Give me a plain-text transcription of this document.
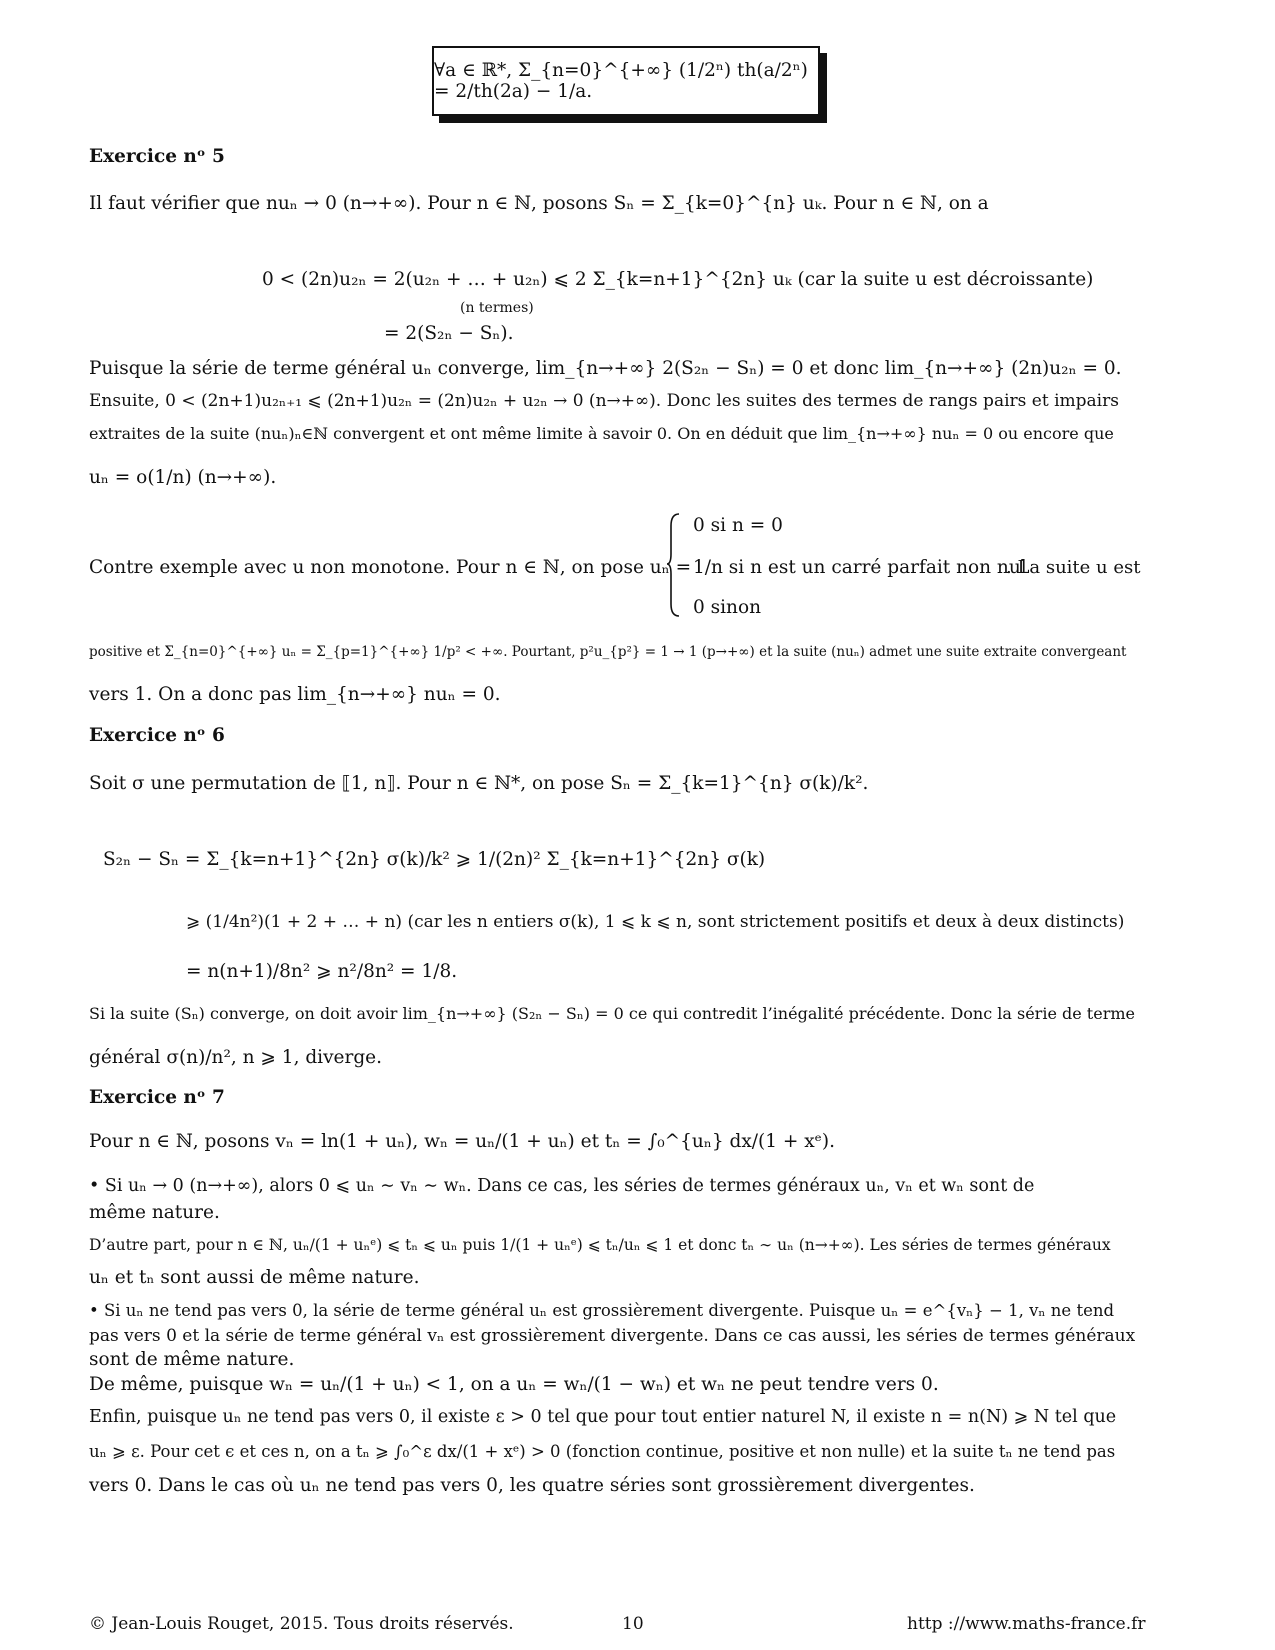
∀a ∈ ℝ*, Σ_{n=0}^{+∞} (1/2ⁿ) th(a/2ⁿ) = 2/th(2a) − 1/a.
Exercice nᵒ 5
Il faut vérifier que nuₙ → 0 (n→+∞). Pour n ∈ ℕ, posons Sₙ = Σ_{k=0}^{n} uₖ. Pour n ∈ ℕ, on a
0 < (2n)u₂ₙ = 2(u₂ₙ + … + u₂ₙ) ⩽ 2 Σ_{k=n+1}^{2n} uₖ (car la suite u est décroissante)
(n termes)
= 2(S₂ₙ − Sₙ).
Puisque la série de terme général uₙ converge, lim_{n→+∞} 2(S₂ₙ − Sₙ) = 0 et donc lim_{n→+∞} (2n)u₂ₙ = 0.
Ensuite, 0 < (2n+1)u₂ₙ₊₁ ⩽ (2n+1)u₂ₙ = (2n)u₂ₙ + u₂ₙ → 0 (n→+∞). Donc les suites des termes de rangs pairs et impairs
extraites de la suite (nuₙ)ₙ∈ℕ convergent et ont même limite à savoir 0. On en déduit que lim_{n→+∞} nuₙ = 0 ou encore que
uₙ = o(1/n) (n→+∞).
Contre exemple avec u non monotone. Pour n ∈ ℕ, on pose uₙ =
0 si n = 0
1/n si n est un carré parfait non nul
0 sinon
. La suite u est
positive et Σ_{n=0}^{+∞} uₙ = Σ_{p=1}^{+∞} 1/p² < +∞. Pourtant, p²u_{p²} = 1 → 1 (p→+∞) et la suite (nuₙ) admet une suite extraite convergeant
vers 1. On a donc pas lim_{n→+∞} nuₙ = 0.
Exercice nᵒ 6
Soit σ une permutation de ⟦1, n⟧. Pour n ∈ ℕ*, on pose Sₙ = Σ_{k=1}^{n} σ(k)/k².
S₂ₙ − Sₙ = Σ_{k=n+1}^{2n} σ(k)/k² ⩾ 1/(2n)² Σ_{k=n+1}^{2n} σ(k)
⩾ (1/4n²)(1 + 2 + … + n) (car les n entiers σ(k), 1 ⩽ k ⩽ n, sont strictement positifs et deux à deux distincts)
= n(n+1)/8n² ⩾ n²/8n² = 1/8.
Si la suite (Sₙ) converge, on doit avoir lim_{n→+∞} (S₂ₙ − Sₙ) = 0 ce qui contredit l’inégalité précédente. Donc la série de terme
général σ(n)/n², n ⩾ 1, diverge.
Exercice nᵒ 7
Pour n ∈ ℕ, posons vₙ = ln(1 + uₙ), wₙ = uₙ/(1 + uₙ) et tₙ = ∫₀^{uₙ} dx/(1 + xᵉ).
• Si uₙ → 0 (n→+∞), alors 0 ⩽ uₙ ∼ vₙ ∼ wₙ. Dans ce cas, les séries de termes généraux uₙ, vₙ et wₙ sont de
même nature.
D’autre part, pour n ∈ ℕ, uₙ/(1 + uₙᵉ) ⩽ tₙ ⩽ uₙ puis 1/(1 + uₙᵉ) ⩽ tₙ/uₙ ⩽ 1 et donc tₙ ∼ uₙ (n→+∞). Les séries de termes généraux
uₙ et tₙ sont aussi de même nature.
• Si uₙ ne tend pas vers 0, la série de terme général uₙ est grossièrement divergente. Puisque uₙ = e^{vₙ} − 1, vₙ ne tend
pas vers 0 et la série de terme général vₙ est grossièrement divergente. Dans ce cas aussi, les séries de termes généraux
sont de même nature.
De même, puisque wₙ = uₙ/(1 + uₙ) < 1, on a uₙ = wₙ/(1 − wₙ) et wₙ ne peut tendre vers 0.
Enfin, puisque uₙ ne tend pas vers 0, il existe ε > 0 tel que pour tout entier naturel N, il existe n = n(N) ⩾ N tel que
uₙ ⩾ ε. Pour cet ϵ et ces n, on a tₙ ⩾ ∫₀^ε dx/(1 + xᵉ) > 0 (fonction continue, positive et non nulle) et la suite tₙ ne tend pas
vers 0. Dans le cas où uₙ ne tend pas vers 0, les quatre séries sont grossièrement divergentes.
© Jean-Louis Rouget, 2015. Tous droits réservés.	10	http ://www.maths-france.fr
